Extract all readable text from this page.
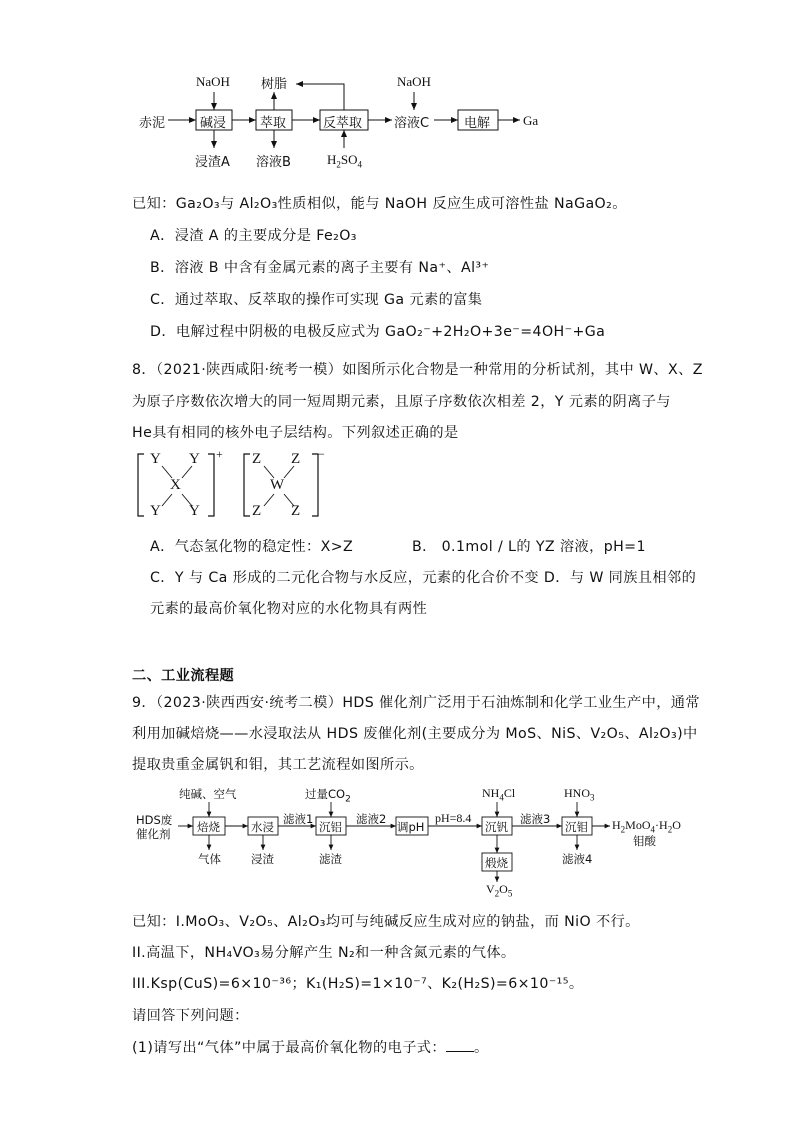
NaOH 树脂	NaOH
赤泥	碱浸	萃取	反萃取 溶液C	电解	Ga
浸渣A 溶液B	$H_2SO_4$
已知：Ga₂O₃与 Al₂O₃性质相似，能与 NaOH 反应生成可溶性盐 NaGaO₂。
A．浸渣 A 的主要成分是 Fe₂O₃
B．溶液 B 中含有金属元素的离子主要有 Na⁺、Al³⁺
C．通过萃取、反萃取的操作可实现 Ga 元素的富集
D．电解过程中阴极的电极反应式为 GaO₂⁻+2H₂O+3e⁻=4OH⁻+Ga
8．（2021·陕西咸阳·统考一模）如图所示化合物是一种常用的分析试剂，其中 W、X、Z
为原子序数依次增大的同一短周期元素，且原子序数依次相差 2，Y 元素的阴离子与
He具有相同的核外电子层结构。下列叙述正确的是
Y Y
X
Y Y
+ Z Z
W
Z Z
−
A．气态氢化物的稳定性：X>Z	B． 0.1mol / L的 YZ 溶液，pH=1
C．Y 与 Ca 形成的二元化合物与水反应，元素的化合价不变 D．与 W 同族且相邻的
元素的最高价氧化物对应的水化物具有两性
二、工业流程题
9．（2023·陕西西安·统考二模）HDS 催化剂广泛用于石油炼制和化学工业生产中，通常
利用加碱焙烧——水浸取法从 HDS 废催化剂(主要成分为 MoS、NiS、V₂O₅、Al₂O₃)中
提取贵重金属钒和钼，其工艺流程如图所示。
纯碱、空气	$NH_4Cl$	$HNO_3$
滤液1
过量$CO_2$
HDS废
催化剂 焙烧	水浸	沉铝
滤液2
调pH
pH=8.4
沉钒
滤液3
沉钼 $H_2MoO_4\cdot H_2O$
钼酸
气体	浸渣	滤渣	煅烧	滤液4
$V_2O_5$
已知：I.MoO₃、V₂O₅、Al₂O₃均可与纯碱反应生成对应的钠盐，而 NiO 不行。
II.高温下，NH₄VO₃易分解产生 N₂和一种含氮元素的气体。
III.Ksp(CuS)=6×10⁻³⁶；K₁(H₂S)=1×10⁻⁷、K₂(H₂S)=6×10⁻¹⁵。
请回答下列问题：
(1)请写出“气体”中属于最高价氧化物的电子式： 。
